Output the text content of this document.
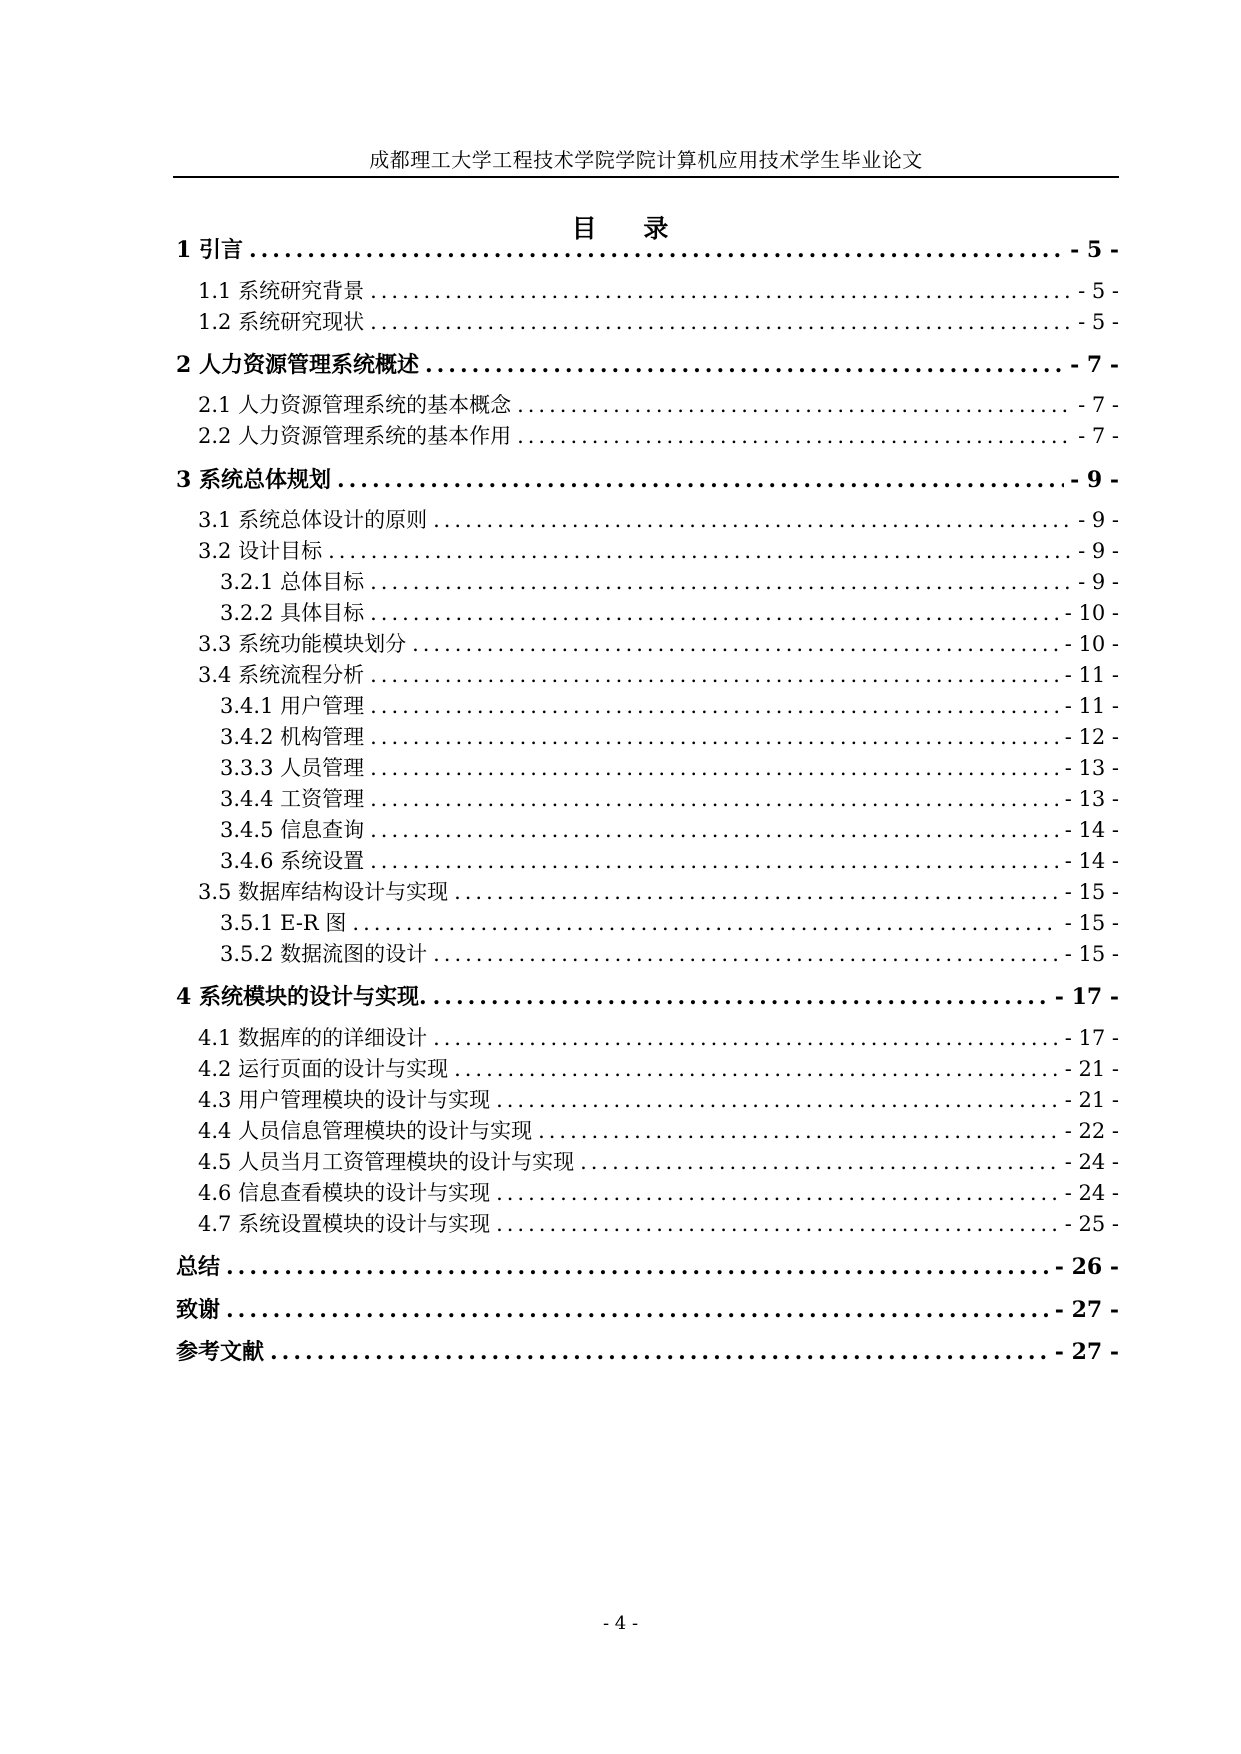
成都理工大学工程技术学院学院计算机应用技术学生毕业论文
目 录
1 引言 .....	- 5 -
1.1 系统研究背景 .....	- 5 -
1.2 系统研究现状 .....	- 5 -
2 人力资源管理系统概述 .....	- 7 -
2.1 人力资源管理系统的基本概念 .....	- 7 -
2.2 人力资源管理系统的基本作用 .....	- 7 -
3 系统总体规划 .....	- 9 -
3.1 系统总体设计的原则 .....	- 9 -
3.2 设计目标 .....	- 9 -
3.2.1 总体目标 .....	- 9 -
3.2.2 具体目标 .....	- 10 -
3.3 系统功能模块划分 .....	- 10 -
3.4 系统流程分析 .....	- 11 -
3.4.1 用户管理 .....	- 11 -
3.4.2 机构管理 .....	- 12 -
3.3.3 人员管理 .....	- 13 -
3.4.4 工资管理 .....	- 13 -
3.4.5 信息查询 .....	- 14 -
3.4.6 系统设置 .....	- 14 -
3.5 数据库结构设计与实现 .....	- 15 -
3.5.1 E-R 图 .....	- 15 -
3.5.2 数据流图的设计 .....	- 15 -
4 系统模块的设计与实现. .....	- 17 -
4.1 数据库的的详细设计 .....	- 17 -
4.2 运行页面的设计与实现 .....	- 21 -
4.3 用户管理模块的设计与实现 .....	- 21 -
4.4 人员信息管理模块的设计与实现 .....	- 22 -
4.5 人员当月工资管理模块的设计与实现 .....	- 24 -
4.6 信息查看模块的设计与实现 .....	- 24 -
4.7 系统设置模块的设计与实现 .....	- 25 -
总结 .....	- 26 -
致谢 .....	- 27 -
参考文献 .....	- 27 -
- 4 -
